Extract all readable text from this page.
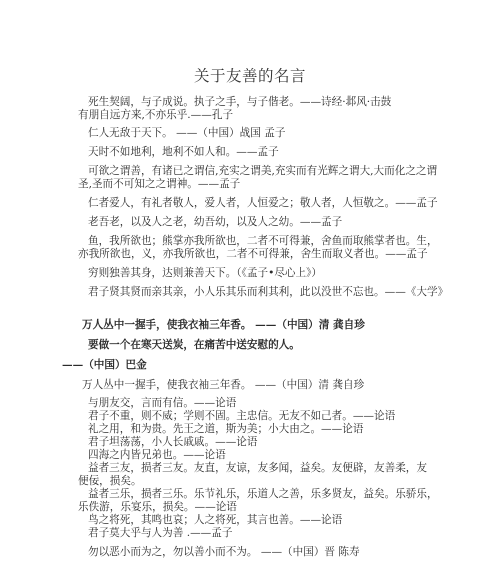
关于友善的名言
死生契阔，与子成说。执子之手，与子偕老。——诗经·邶风·击鼓
有朋自远方来,不亦乐乎.——孔子
仁人无敌于天下。 ——（中国）战国 孟子
天时不如地利，地利不如人和。——孟子
可欲之谓善，有诸已之谓信,充实之谓美,充实而有光辉之谓大,大而化之之谓
圣,圣而不可知之之谓神。——孟子
仁者爱人，有礼者敬人，爱人者，人恒爱之；敬人者，人恒敬之。——孟子
老吾老，以及人之老，幼吾幼，以及人之幼。——孟子
鱼，我所欲也；熊掌亦我所欲也，二者不可得兼，舍鱼而取熊掌者也。生，
亦我所欲也，义，亦我所欲也，二者不可得兼，舍生而取义者也。——孟子
穷则独善其身，达则兼善天下。（《孟子•尽心上》）
君子贤其贤而亲其亲，小人乐其乐而利其利，此以没世不忘也。——《大学》
万人丛中一握手，使我衣袖三年香。 ——（中国）清 龚自珍
要做一个在寒天送炭，在痛苦中送安慰的人。
——（中国）巴金
万人丛中一握手，使我衣袖三年香。 ——（中国）清 龚自珍
与朋友交，言而有信。——论语
君子不重，则不威；学则不固。主忠信。无友不如己者。——论语
礼之用，和为贵。先王之道，斯为美；小大由之。——论语
君子坦荡荡，小人长戚戚。——论语
四海之内皆兄弟也。——论语
益者三友，损者三友。友直，友谅，友多闻，益矣。友便辟，友善柔，友
便佞，损矣。
益者三乐，损者三乐。乐节礼乐，乐道人之善，乐多贤友，益矣。乐骄乐，
乐佚游，乐宴乐，损矣。——论语
鸟之将死，其鸣也哀；人之将死，其言也善。——论语
君子莫大乎与人为善 .——孟子
勿以恶小而为之，勿以善小而不为。 ——（中国）晋 陈寿
